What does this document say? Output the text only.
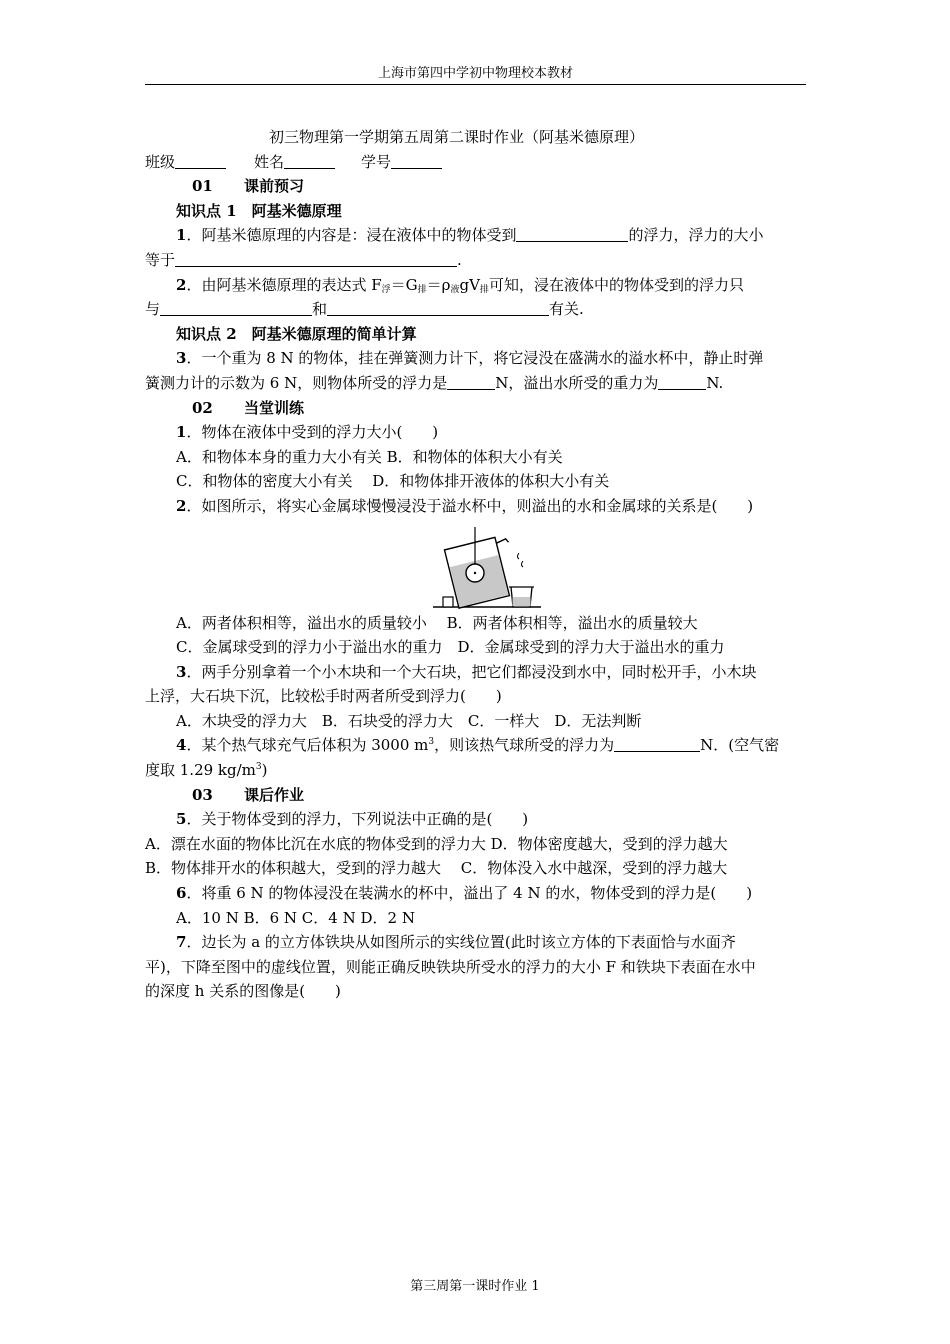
上海市第四中学初中物理校本教材

初三物理第一学期第五周第二课时作业（阿基米德原理）

班级	姓名	学号

01 课前预习

知识点 1　阿基米德原理

1．阿基米德原理的内容是：浸在液体中的物体受到	的浮力，浮力的大小

等于	.

2．由阿基米德原理的表达式 $F_浮=G_排=\rho_液gV_排$可知，浸在液体中的物体受到的浮力只

与	和	有关.

知识点 2　阿基米德原理的简单计算

3．一个重为 8 N 的物体，挂在弹簧测力计下，将它浸没在盛满水的溢水杯中，静止时弹

簧测力计的示数为 6 N，则物体所受的浮力是	N，溢出水所受的重力为	N.

02 当堂训练

1．物体在液体中受到的浮力大小(　　)

A．和物体本身的重力大小有关 B．和物体的体积大小有关

C．和物体的密度大小有关　 D．和物体排开液体的体积大小有关

2．如图所示，将实心金属球慢慢浸没于溢水杯中，则溢出的水和金属球的关系是(　　)

A．两者体积相等，溢出水的质量较小　 B．两者体积相等，溢出水的质量较大

C．金属球受到的浮力小于溢出水的重力　D．金属球受到的浮力大于溢出水的重力

3．两手分别拿着一个小木块和一个大石块，把它们都浸没到水中，同时松开手，小木块

上浮，大石块下沉，比较松手时两者所受到浮力(　　)

A．木块受的浮力大　B．石块受的浮力大　C．一样大　D．无法判断

4．某个热气球充气后体积为 3000 $m^3$，则该热气球所受的浮力为	N．(空气密

度取 1.29 $kg/m^3$)

03 课后作业

5．关于物体受到的浮力，下列说法中正确的是(　　)

A．漂在水面的物体比沉在水底的物体受到的浮力大 D．物体密度越大，受到的浮力越大

B．物体排开水的体积越大，受到的浮力越大　 C．物体没入水中越深，受到的浮力越大

6．将重 6 N 的物体浸没在装满水的杯中，溢出了 4 N 的水，物体受到的浮力是(　　)

A．10 N B．6 N C．4 N D．2 N

7．边长为 a 的立方体铁块从如图所示的实线位置(此时该立方体的下表面恰与水面齐

平)，下降至图中的虚线位置，则能正确反映铁块所受水的浮力的大小 F 和铁块下表面在水中

的深度 h 关系的图像是(　　)

第三周第一课时作业 1
